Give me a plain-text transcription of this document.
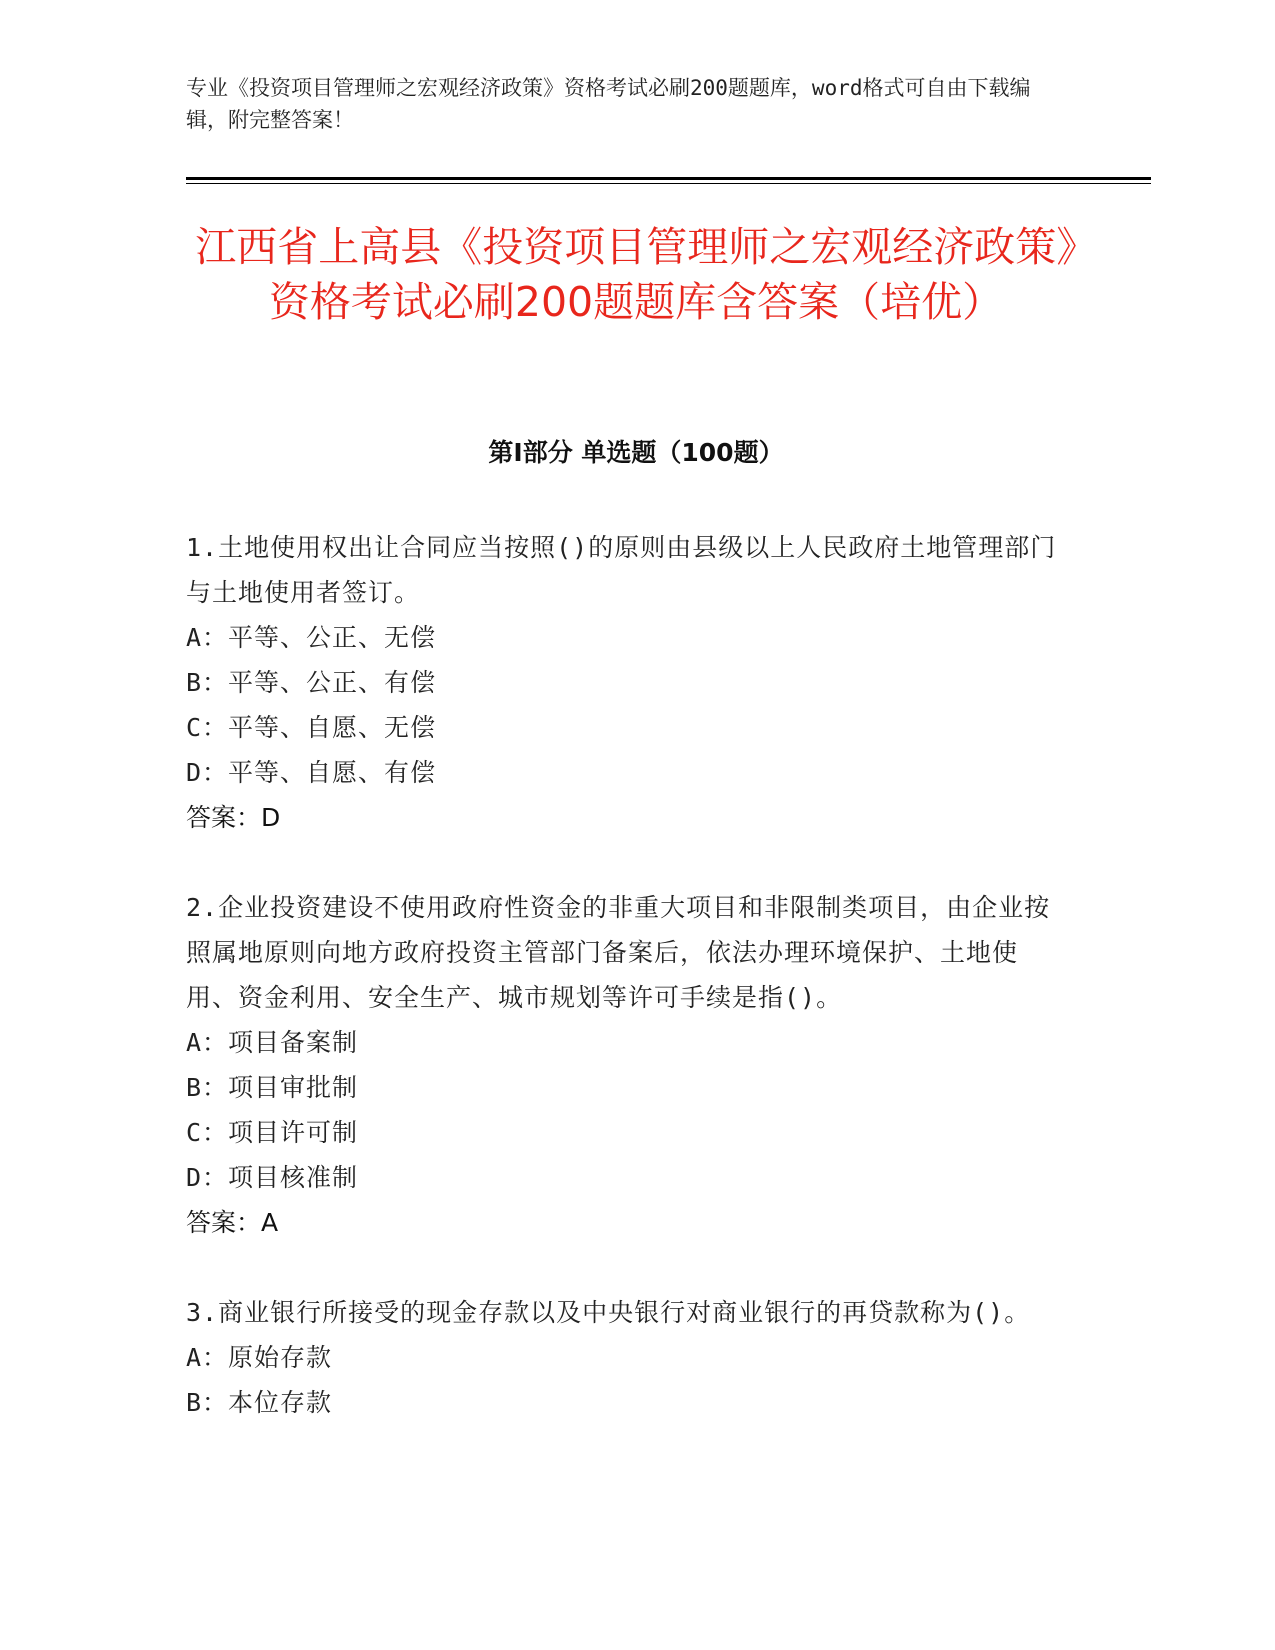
专业《投资项目管理师之宏观经济政策》资格考试必刷200题题库，word格式可自由下载编辑，附完整答案！
江西省上高县《投资项目管理师之宏观经济政策》资格考试必刷200题题库含答案（培优）
第Ⅰ部分 单选题（100题）

1.土地使用权出让合同应当按照()的原则由县级以上人民政府土地管理部门与土地使用者签订。

A：平等、公正、无偿

B：平等、公正、有偿

C：平等、自愿、无偿

D：平等、自愿、有偿

答案：D

2.企业投资建设不使用政府性资金的非重大项目和非限制类项目，由企业按照属地原则向地方政府投资主管部门备案后，依法办理环境保护、土地使用、资金利用、安全生产、城市规划等许可手续是指()。

A：项目备案制

B：项目审批制

C：项目许可制

D：项目核准制

答案：A

3.商业银行所接受的现金存款以及中央银行对商业银行的再贷款称为()。

A：原始存款

B：本位存款
